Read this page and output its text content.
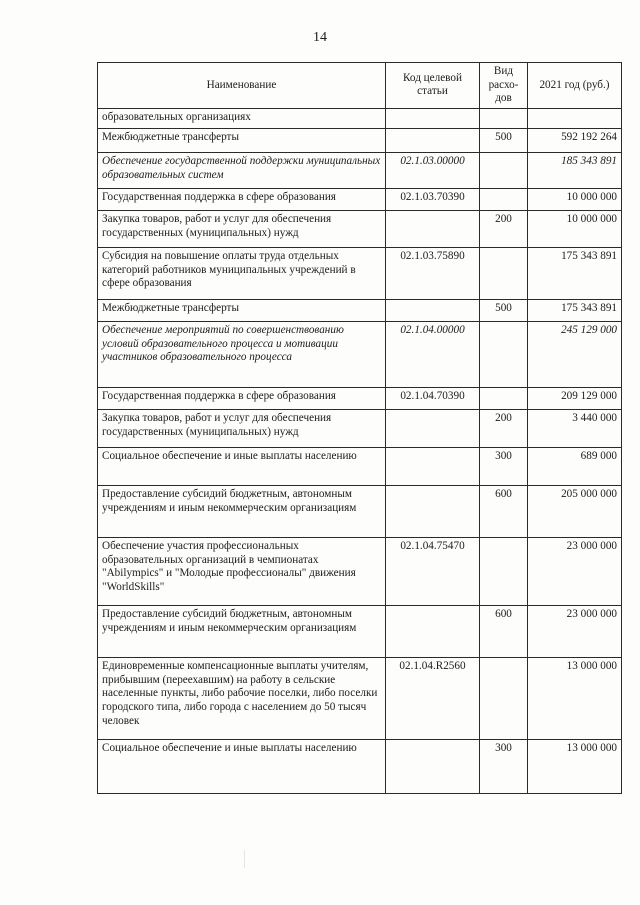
14
Наименование	Код целевой статьи	Вид расхо-дов	2021 год (руб.)
образовательных организациях			
Межбюджетные трансферты		500	592 192 264
Обеспечение государственной поддержки муниципальных образовательных систем	02.1.03.00000		185 343 891
Государственная поддержка в сфере образования	02.1.03.70390		10 000 000
Закупка товаров, работ и услуг для обеспечения государственных (муниципальных) нужд		200	10 000 000
Субсидия на повышение оплаты труда отдельных категорий работников муниципальных учреждений в сфере образования	02.1.03.75890		175 343 891
Межбюджетные трансферты		500	175 343 891
Обеспечение мероприятий по совершенствованию условий образовательного процесса и мотивации участников образовательного процесса	02.1.04.00000		245 129 000
Государственная поддержка в сфере образования	02.1.04.70390		209 129 000
Закупка товаров, работ и услуг для обеспечения государственных (муниципальных) нужд		200	3 440 000
Социальное обеспечение и иные выплаты населению		300	689 000
Предоставление субсидий бюджетным, автономным учреждениям и иным некоммерческим организациям		600	205 000 000
Обеспечение участия профессиональных образовательных организаций в чемпионатах "Abilympics" и "Молодые профессионалы" движения "WorldSkills"	02.1.04.75470		23 000 000
Предоставление субсидий бюджетным, автономным учреждениям и иным некоммерческим организациям		600	23 000 000
Единовременные компенсационные выплаты учителям, прибывшим (переехавшим) на работу в сельские населенные пункты, либо рабочие поселки, либо поселки городского типа, либо города с населением до 50 тысяч человек	02.1.04.R2560		13 000 000
Социальное обеспечение и иные выплаты населению		300	13 000 000
